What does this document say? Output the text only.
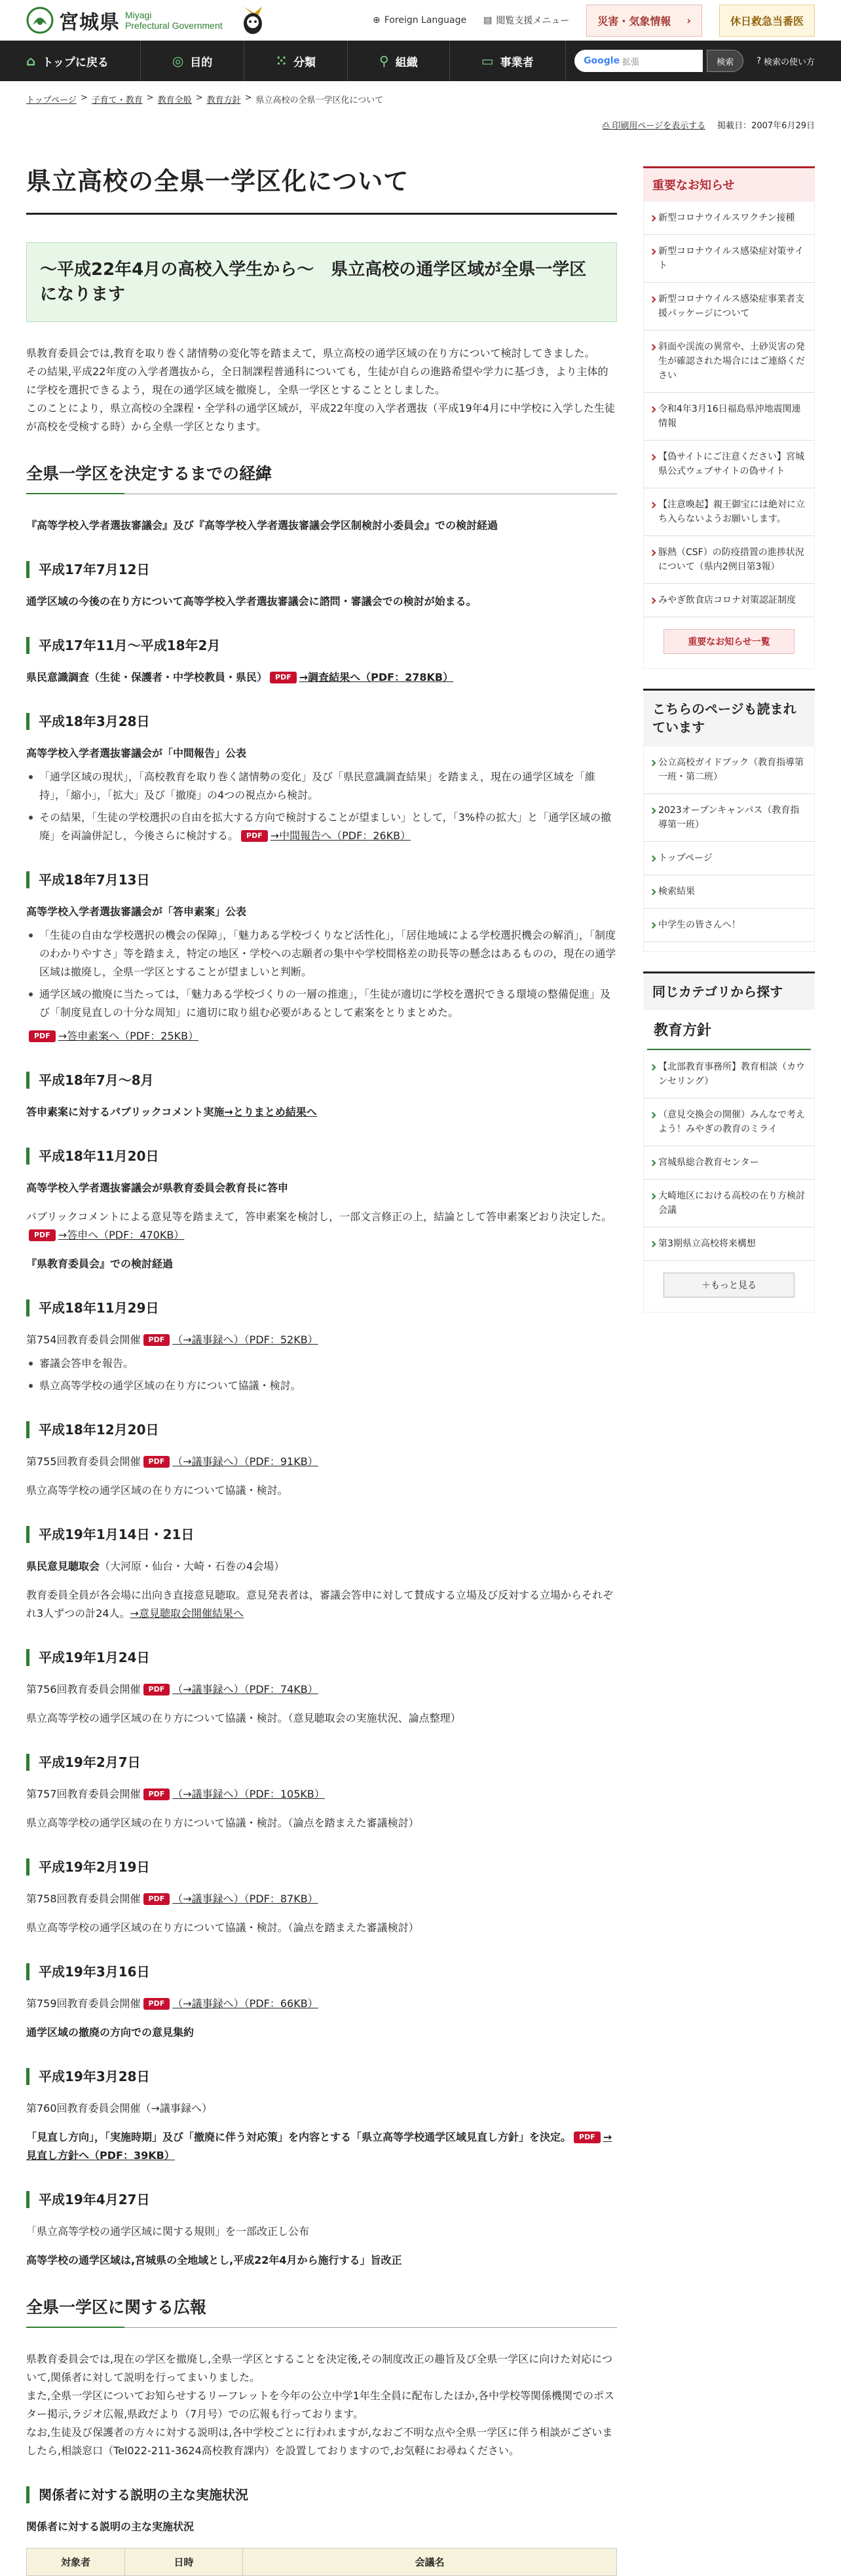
宮城県 Miyagi
Prefectural Government	⊕ Foreign Language ▤ 閲覧支援メニュー	災害・気象情報 ›	休日救急当番医
⌂ トップに戻る	◎ 目的	⁙ 分類	⚲ 組織	▭ 事業者	Google 拡張	検索	? 検索の使い方
トップページ > 子育て・教育 > 教育全般 > 教育方針 > 県立高校の全県一学区化について
⎙ 印刷用ページを表示する 掲載日：2007年6月29日
県立高校の全県一学区化について
～平成22年4月の高校入学生から～　県立高校の通学区域が全県一学区になります

県教育委員会では,教育を取り巻く諸情勢の変化等を踏まえて，県立高校の通学区域の在り方について検討してきました。

その結果,平成22年度の入学者選抜から，全日制課程普通科についても，生徒が自らの進路希望や学力に基づき，より主体的に学校を選択できるよう，現在の通学区域を撤廃し，全県一学区とすることとしました。

このことにより，県立高校の全課程・全学科の通学区域が，平成22年度の入学者選抜（平成19年4月に中学校に入学した生徒が高校を受検する時）から全県一学区となります。

全県一学区を決定するまでの経緯

『高等学校入学者選抜審議会』及び『高等学校入学者選抜審議会学区制検討小委員会』での検討経過

平成17年7月12日

通学区域の今後の在り方について高等学校入学者選抜審議会に諮問・審議会での検討が始まる。

平成17年11月～平成18年2月

県民意識調査（生徒・保護者・中学校教員・県民） PDF →調査結果へ（PDF：278KB）

平成18年3月28日

高等学校入学者選抜審議会が「中間報告」公表

「通学区域の現状」，「高校教育を取り巻く諸情勢の変化」及び「県民意識調査結果」を踏まえ，現在の通学区域を「維持」，「縮小」，「拡大」及び「撤廃」の4つの視点から検討。
その結果，「生徒の学校選択の自由を拡大する方向で検討することが望ましい」として，「3%枠の拡大」と「通学区域の撤廃」を両論併記し，今後さらに検討する。 PDF →中間報告へ（PDF：26KB）
平成18年7月13日

高等学校入学者選抜審議会が「答申素案」公表

「生徒の自由な学校選択の機会の保障」，「魅力ある学校づくりなど活性化」，「居住地域による学校選択機会の解消」，「制度のわかりやすさ」等を踏まえ，特定の地区・学校への志願者の集中や学校間格差の助長等の懸念はあるものの，現在の通学区域は撤廃し，全県一学区とすることが望ましいと判断。
通学区域の撤廃に当たっては，「魅力ある学校づくりの一層の推進」，「生徒が適切に学校を選択できる環境の整備促進」及び「制度見直しの十分な周知」に適切に取り組む必要があるとして素案をとりまとめた。

PDF →答申素案へ（PDF：25KB）

平成18年7月～8月

答申素案に対するパブリックコメント実施→とりまとめ結果へ

平成18年11月20日

高等学校入学者選抜審議会が県教育委員会教育長に答申

パブリックコメントによる意見等を踏まえて，答申素案を検討し，一部文言修正の上，結論として答申素案どおり決定した。PDF →答申へ（PDF：470KB）

『県教育委員会』での検討経過

平成18年11月29日

第754回教育委員会開催 PDF （→議事録へ）（PDF：52KB）

審議会答申を報告。
県立高等学校の通学区域の在り方について協議・検討。
平成18年12月20日

第755回教育委員会開催 PDF （→議事録へ）（PDF：91KB）

県立高等学校の通学区域の在り方について協議・検討。

平成19年1月14日・21日

県民意見聴取会（大河原・仙台・大崎・石巻の4会場）

教育委員全員が各会場に出向き直接意見聴取。意見発表者は，審議会答申に対して賛成する立場及び反対する立場からそれぞれ3人ずつの計24人。→意見聴取会開催結果へ

平成19年1月24日

第756回教育委員会開催 PDF （→議事録へ）（PDF：74KB）

県立高等学校の通学区域の在り方について協議・検討。（意見聴取会の実施状況、論点整理）

平成19年2月7日

第757回教育委員会開催 PDF （→議事録へ）（PDF：105KB）

県立高等学校の通学区域の在り方について協議・検討。（論点を踏まえた審議検討）

平成19年2月19日

第758回教育委員会開催 PDF （→議事録へ）（PDF：87KB）

県立高等学校の通学区域の在り方について協議・検討。（論点を踏まえた審議検討）

平成19年3月16日

第759回教育委員会開催 PDF （→議事録へ）（PDF：66KB）

通学区域の撤廃の方向での意見集約

平成19年3月28日

第760回教育委員会開催（→議事録へ）

「見直し方向」，「実施時期」及び「撤廃に伴う対応策」を内容とする「県立高等学校通学区域見直し方針」を決定。 PDF →見直し方針へ（PDF：39KB）

平成19年4月27日

「県立高等学校の通学区域に関する規則」を一部改正し公布

高等学校の通学区域は,宮城県の全地域とし,平成22年4月から施行する」旨改正

全県一学区に関する広報

県教育委員会では,現在の学区を撤廃し,全県一学区とすることを決定後,その制度改正の趣旨及び全県一学区に向けた対応について,関係者に対して説明を行ってまいりました。

また,全県一学区についてお知らせするリーフレットを今年の公立中学1年生全員に配布したほか,各中学校等関係機関でのポスター掲示,ラジオ広報,県政だより（7月号）での広報も行っております。

なお,生徒及び保護者の方々に対する説明は,各中学校ごとに行われますが,なおご不明な点や全県一学区に伴う相談がございましたら,相談窓口（Tel022-211-3624高校教育課内）を設置しておりますので,お気軽にお尋ねください。

関係者に対する説明の主な実施状況

関係者に対する説明の主な実施状況

対象者	日時	会議名
重要なお知らせ
新型コロナウイルスワクチン接種
新型コロナウイルス感染症対策サイト
新型コロナウイルス感染症事業者支援パッケージについて
斜面や渓流の異常や、土砂災害の発生が確認された場合にはご連絡ください
令和4年3月16日福島県沖地震関連情報
【偽サイトにご注意ください】宮城県公式ウェブサイトの偽サイト
【注意喚起】親王御宝には絶対に立ち入らないようお願いします。
豚熱（CSF）の防疫措置の進捗状況について（県内2例目第3報）
みやぎ飲食店コロナ対策認証制度
重要なお知らせ一覧
こちらのページも読まれています
公立高校ガイドブック（教育指導第一班・第二班）
2023オープンキャンパス（教育指導第一班）
トップページ
検索結果
中学生の皆さんへ！
同じカテゴリから探す
教育方針
【北部教育事務所】教育相談（カウンセリング）
（意見交換会の開催）みんなで考えよう！みやぎの教育のミライ
宮城県総合教育センター
大崎地区における高校の在り方検討会議
第3期県立高校将来構想
＋もっと見る
